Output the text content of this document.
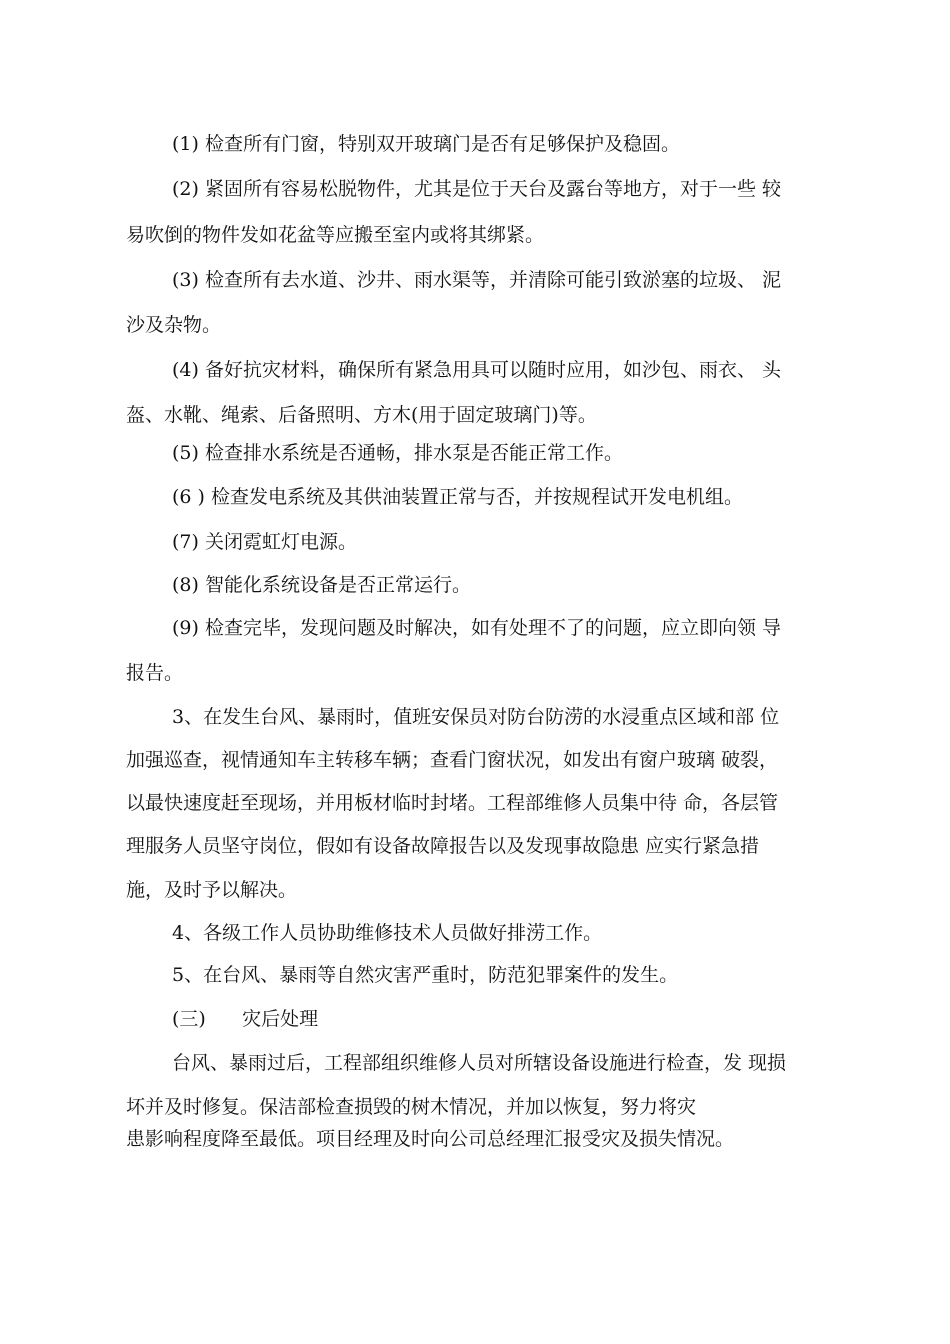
(1) 检查所有门窗，特别双开玻璃门是否有足够保护及稳固。
(2) 紧固所有容易松脱物件，尤其是位于天台及露台等地方，对于一些 较
易吹倒的物件发如花盆等应搬至室内或将其绑紧。
(3) 检查所有去水道、沙井、雨水渠等，并清除可能引致淤塞的垃圾、 泥
沙及杂物。
(4) 备好抗灾材料，确保所有紧急用具可以随时应用，如沙包、雨衣、 头
盔、水靴、绳索、后备照明、方木(用于固定玻璃门)等。
(5) 检查排水系统是否通畅，排水泵是否能正常工作。
(6 ) 检查发电系统及其供油装置正常与否，并按规程试开发电机组。
(7) 关闭霓虹灯电源。
(8) 智能化系统设备是否正常运行。
(9) 检查完毕，发现问题及时解决，如有处理不了的问题，应立即向领 导
报告。
3、在发生台风、暴雨时，值班安保员对防台防涝的水浸重点区域和部 位
加强巡查，视情通知车主转移车辆；查看门窗状况，如发出有窗户玻璃 破裂，
以最快速度赶至现场，并用板材临时封堵。工程部维修人员集中待 命，各层管
理服务人员坚守岗位，假如有设备故障报告以及发现事故隐患 应实行紧急措
施，及时予以解决。
4、各级工作人员协助维修技术人员做好排涝工作。
5、在台风、暴雨等自然灾害严重时，防范犯罪案件的发生。
(三)      灾后处理
台风、暴雨过后，工程部组织维修人员对所辖设备设施进行检查，发 现损
坏并及时修复。保洁部检查损毁的树木情况，并加以恢复，努力将灾
患影响程度降至最低。项目经理及时向公司总经理汇报受灾及损失情况。
